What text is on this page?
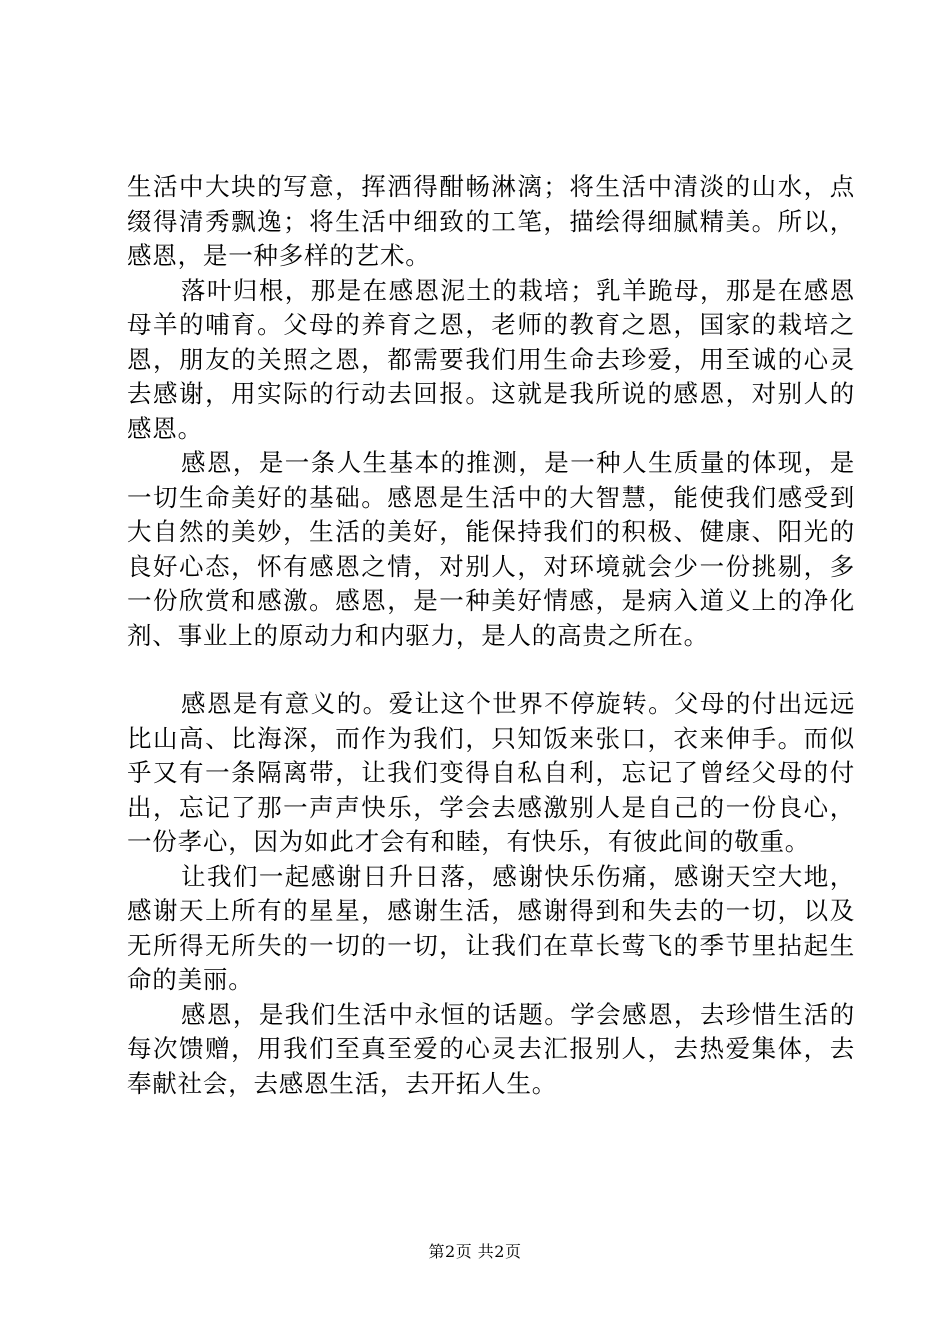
生活中大块的写意，挥洒得酣畅淋漓；将生活中清淡的山水，点缀得清秀飘逸；将生活中细致的工笔，描绘得细腻精美。所以，感恩，是一种多样的艺术。

落叶归根，那是在感恩泥土的栽培；乳羊跪母，那是在感恩母羊的哺育。父母的养育之恩，老师的教育之恩，国家的栽培之恩，朋友的关照之恩，都需要我们用生命去珍爱，用至诚的心灵去感谢，用实际的行动去回报。这就是我所说的感恩，对别人的感恩。

感恩，是一条人生基本的推测，是一种人生质量的体现，是一切生命美好的基础。感恩是生活中的大智慧，能使我们感受到大自然的美妙，生活的美好，能保持我们的积极、健康、阳光的良好心态，怀有感恩之情，对别人，对环境就会少一份挑剔，多一份欣赏和感激。感恩，是一种美好情感，是病入道义上的净化剂、事业上的原动力和内驱力，是人的高贵之所在。

感恩是有意义的。爱让这个世界不停旋转。父母的付出远远比山高、比海深，而作为我们，只知饭来张口，衣来伸手。而似乎又有一条隔离带，让我们变得自私自利，忘记了曾经父母的付出，忘记了那一声声快乐，学会去感激别人是自己的一份良心，一份孝心，因为如此才会有和睦，有快乐，有彼此间的敬重。

让我们一起感谢日升日落，感谢快乐伤痛，感谢天空大地，感谢天上所有的星星，感谢生活，感谢得到和失去的一切，以及无所得无所失的一切的一切，让我们在草长莺飞的季节里拈起生命的美丽。

感恩，是我们生活中永恒的话题。学会感恩，去珍惜生活的每次馈赠，用我们至真至爱的心灵去汇报别人，去热爱集体，去奉献社会，去感恩生活，去开拓人生。

第2页 共2页
